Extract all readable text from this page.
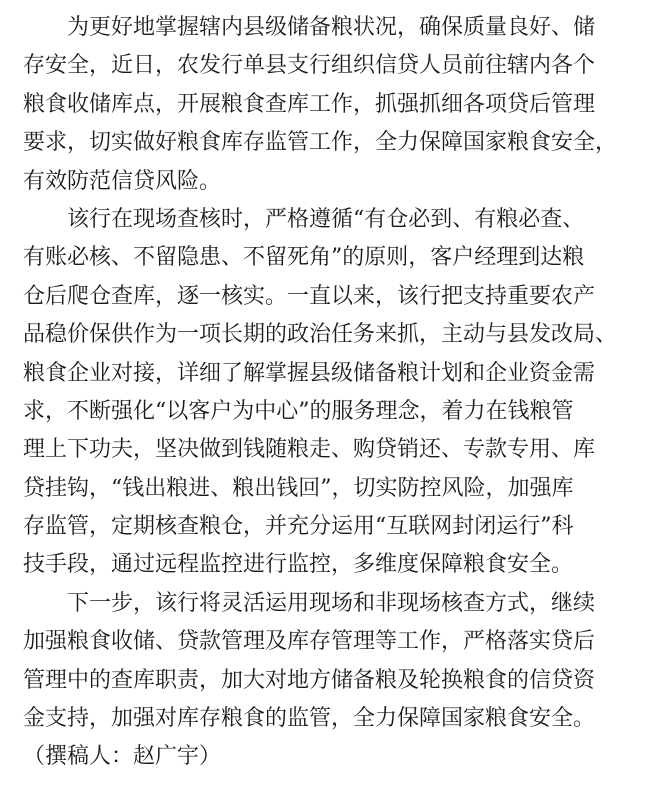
　　为更好地掌握辖内县级储备粮状况，确保质量良好、储
存安全，近日，农发行单县支行组织信贷人员前往辖内各个
粮食收储库点，开展粮食查库工作，抓强抓细各项贷后管理
要求，切实做好粮食库存监管工作，全力保障国家粮食安全，
有效防范信贷风险。

　　该行在现场查核时，严格遵循“有仓必到、有粮必查、
有账必核、不留隐患、不留死角”的原则，客户经理到达粮
仓后爬仓查库，逐一核实。一直以来，该行把支持重要农产
品稳价保供作为一项长期的政治任务来抓，主动与县发改局、
粮食企业对接，详细了解掌握县级储备粮计划和企业资金需
求，不断强化“以客户为中心”的服务理念，着力在钱粮管
理上下功夫，坚决做到钱随粮走、购贷销还、专款专用、库
贷挂钩，“钱出粮进、粮出钱回”，切实防控风险，加强库
存监管，定期核查粮仓，并充分运用“互联网封闭运行”科
技手段，通过远程监控进行监控，多维度保障粮食安全。

　　下一步，该行将灵活运用现场和非现场核查方式，继续
加强粮食收储、贷款管理及库存管理等工作，严格落实贷后
管理中的查库职责，加大对地方储备粮及轮换粮食的信贷资
金支持，加强对库存粮食的监管，全力保障国家粮食安全。

（撰稿人：赵广宇）
